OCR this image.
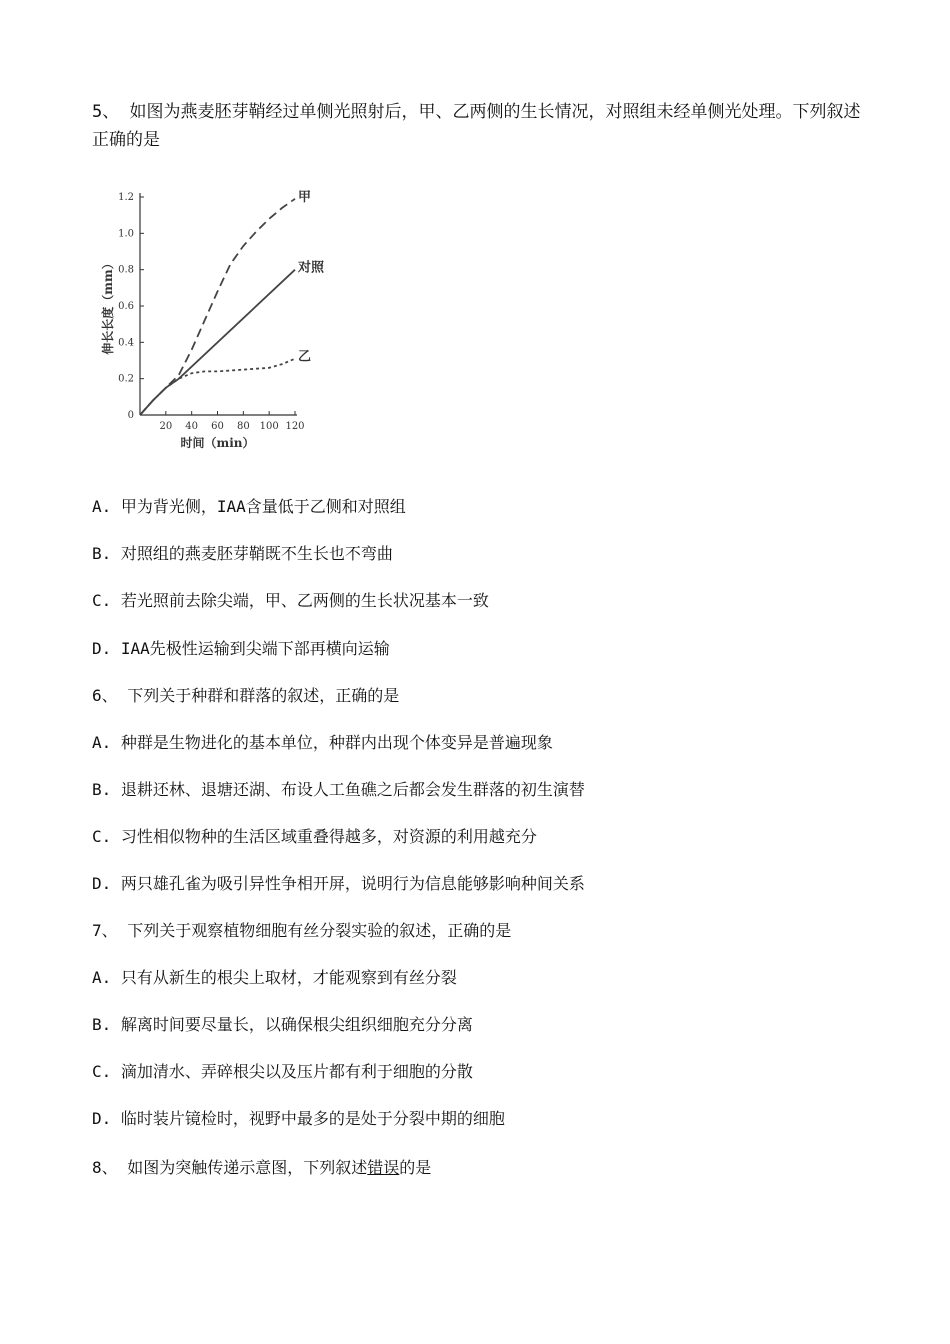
5、 如图为燕麦胚芽鞘经过单侧光照射后，甲、乙两侧的生长情况，对照组未经单侧光处理。下列叙述正确的是
0
0.2
0.4
0.6
0.8
1.0
1.2
20 40 60 80 100 120
时间（min）
伸长长度（mm）
甲
对照
乙
A. 甲为背光侧，IAA含量低于乙侧和对照组
B. 对照组的燕麦胚芽鞘既不生长也不弯曲
C. 若光照前去除尖端，甲、乙两侧的生长状况基本一致
D. IAA先极性运输到尖端下部再横向运输
6、 下列关于种群和群落的叙述，正确的是
A. 种群是生物进化的基本单位，种群内出现个体变异是普遍现象
B. 退耕还林、退塘还湖、布设人工鱼礁之后都会发生群落的初生演替
C. 习性相似物种的生活区域重叠得越多，对资源的利用越充分
D. 两只雄孔雀为吸引异性争相开屏，说明行为信息能够影响种间关系
7、 下列关于观察植物细胞有丝分裂实验的叙述，正确的是
A. 只有从新生的根尖上取材，才能观察到有丝分裂
B. 解离时间要尽量长，以确保根尖组织细胞充分分离
C. 滴加清水、弄碎根尖以及压片都有利于细胞的分散
D. 临时装片镜检时，视野中最多的是处于分裂中期的细胞
8、 如图为突触传递示意图，下列叙述错误的是
